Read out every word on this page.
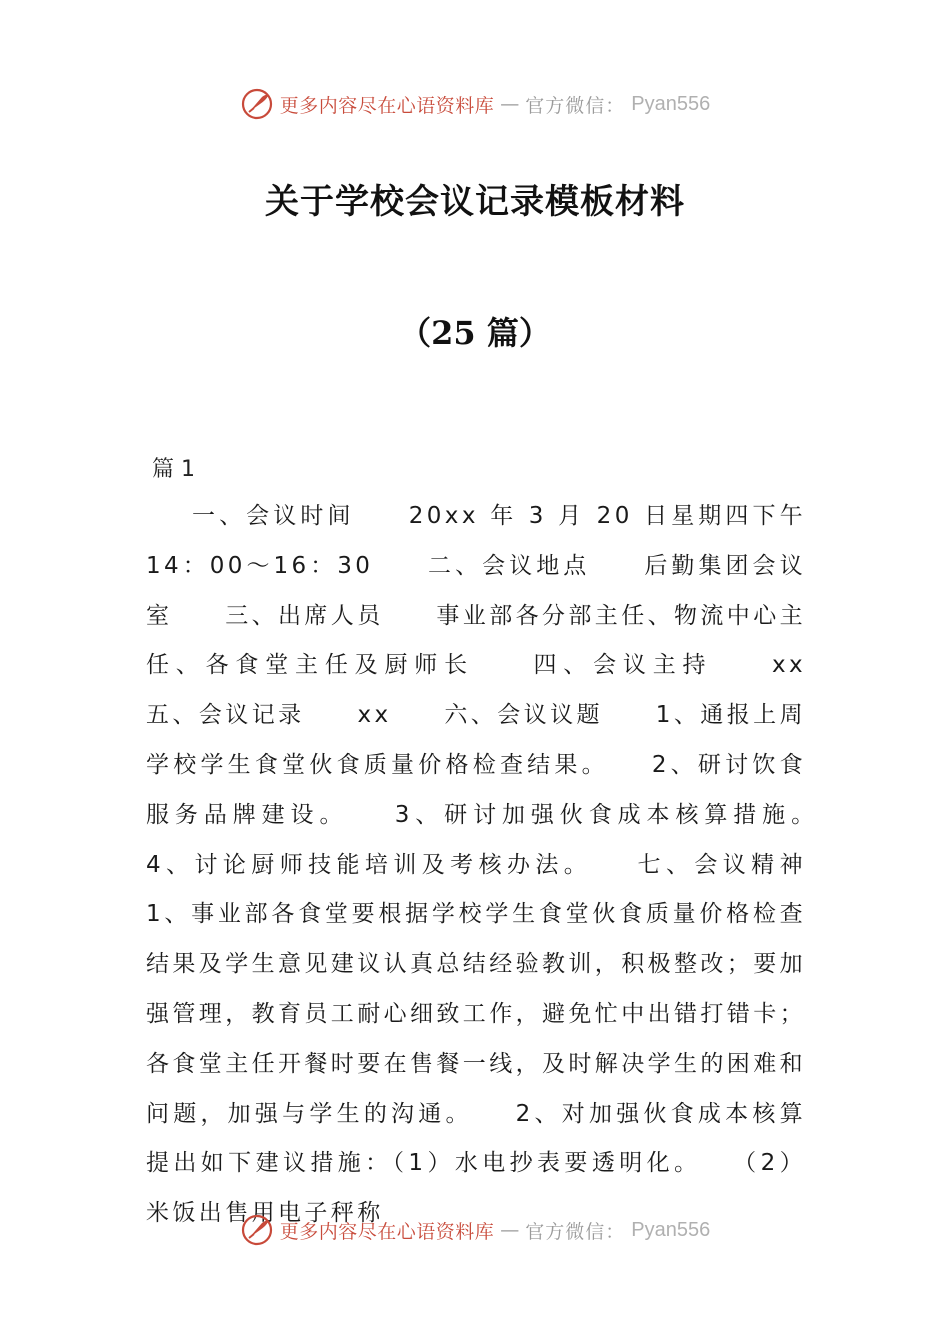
更多内容尽在心语资料库 — 官方微信： Pyan556
关于学校会议记录模板材料
（25 篇）
篇 1
一、会议时间　　20xx 年 3 月 20 日星期四下午 14：00～16：30　　二、会议地点　　后勤集团会议室　　三、出席人员　　事业部各分部主任、物流中心主任、各食堂主任及厨师长　　四、会议主持　　xx　　五、会议记录　　xx　　六、会议议题　　1、通报上周学校学生食堂伙食质量价格检查结果。　　2、研讨饮食服务品牌建设。　　3、研讨加强伙食成本核算措施。　　4、讨论厨师技能培训及考核办法。　　七、会议精神　　1、事业部各食堂要根据学校学生食堂伙食质量价格检查结果及学生意见建议认真总结经验教训，积极整改；要加强管理，教育员工耐心细致工作，避免忙中出错打错卡；各食堂主任开餐时要在售餐一线，及时解决学生的困难和问题，加强与学生的沟通。　　2、对加强伙食成本核算提出如下建议措施：（1）水电抄表要透明化。　　（2）米饭出售用电子秤称
更多内容尽在心语资料库 — 官方微信： Pyan556
